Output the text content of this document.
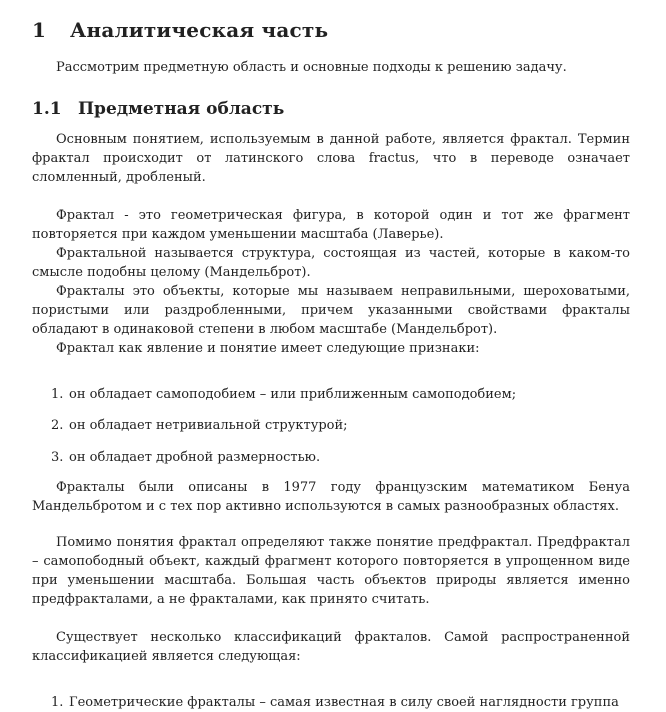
1 Аналитическая часть

Рассмотрим предметную область и основные подходы к решению задачу.

1.1 Предметная область

Основным понятием, используемым в данной работе, является фрактал. Термин фрактал происходит от латинского слова fractus, что в переводе означает сломленный, дробленый.

Фрактал - это геометрическая фигура, в которой один и тот же фрагмент повторяется при каждом уменьшении масштаба (Лаверье).

Фрактальной называется структура, состоящая из частей, которые в каком-то смысле подобны целому (Мандельброт).

Фракталы это объекты, которые мы называем неправильными, шероховатыми, пористыми или раздробленными, причем указанными свойствами фракталы обладают в одинаковой степени в любом масштабе (Мандельброт).

Фрактал как явление и понятие имеет следующие признаки:

1. он обладает самоподобием – или приближенным самоподобием;

2. он обладает нетривиальной структурой;

3. он обладает дробной размерностью.

Фракталы были описаны в 1977 году французским математиком Бенуа Мандельбротом и с тех пор активно используются в самых разнообразных областях.

Помимо понятия фрактал определяют также понятие предфрактал. Предфрактал – самопободный объект, каждый фрагмент которого повторяется в упрощенном виде при уменьшении масштаба. Большая часть объектов природы является именно предфракталами, а не фракталами, как принято считать.

Существует несколько классификаций фракталов. Самой распространенной классификацией является следующая:

1. Геометрические фракталы – самая известная в силу своей наглядности группа
